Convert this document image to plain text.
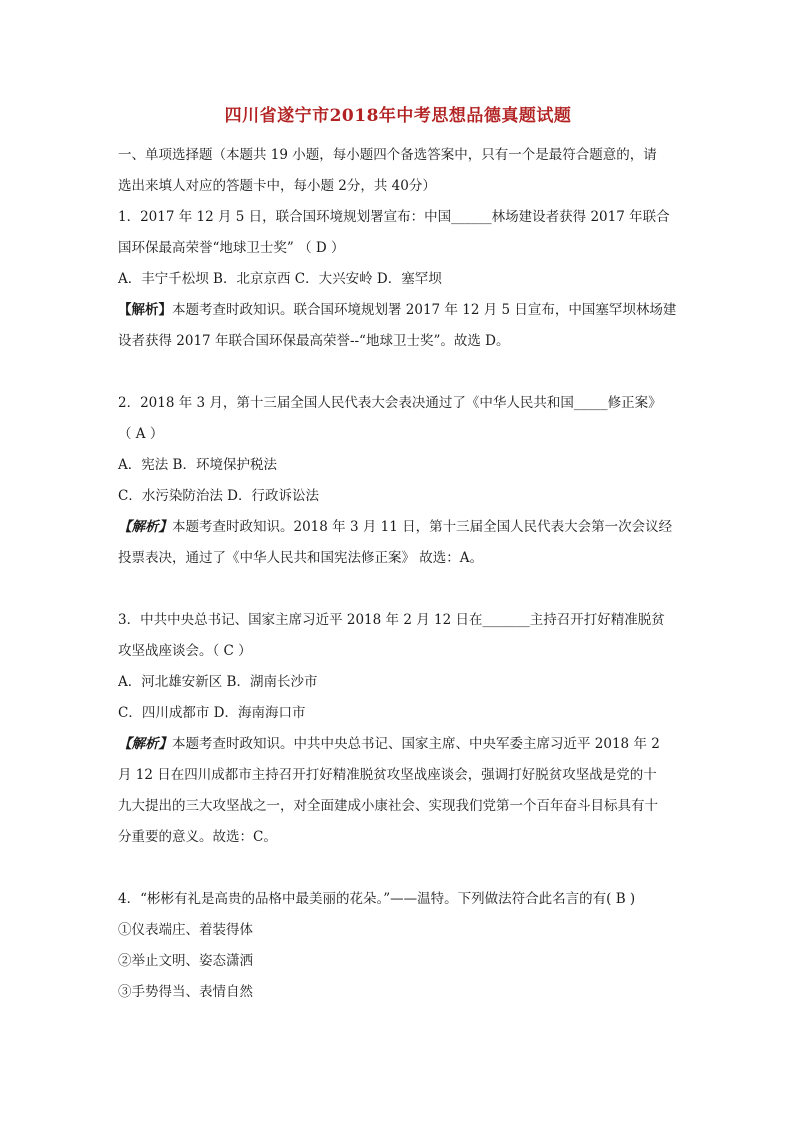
四川省遂宁市2018年中考思想品德真题试题

一、单项选择题（本题共 19 小题，每小题四个备选答案中，只有一个是最符合题意的，请

选出来填人对应的答题卡中，每小题 2分，共 40分）

1．2017 年 12 月 5 日，联合国环境规划署宣布：中国______林场建设者获得 2017 年联合

国环保最高荣誉“地球卫士奖” （ D ）

A．丰宁千松坝 B．北京京西 C．大兴安岭 D．塞罕坝

【解析】本题考查时政知识。联合国环境规划署 2017 年 12 月 5 日宣布，中国塞罕坝林场建

设者获得 2017 年联合国环保最高荣誉--“地球卫士奖”。故选 D。

2．2018 年 3 月，第十三届全国人民代表大会表决通过了《中华人民共和国_____修正案》

（ A ）

A．宪法 B．环境保护税法

C．水污染防治法 D．行政诉讼法

【解析】本题考查时政知识。2018 年 3 月 11 日，第十三届全国人民代表大会第一次会议经

投票表决，通过了《中华人民共和国宪法修正案》 故选：A。

3．中共中央总书记、国家主席习近平 2018 年 2 月 12 日在_______主持召开打好精准脱贫

攻坚战座谈会。（ C ）

A．河北雄安新区 B．湖南长沙市

C．四川成都市 D．海南海口市

【解析】本题考查时政知识。中共中央总书记、国家主席、中央军委主席习近平 2018 年 2

月 12 日在四川成都市主持召开打好精准脱贫攻坚战座谈会，强调打好脱贫攻坚战是党的十

九大提出的三大攻坚战之一，对全面建成小康社会、实现我们党第一个百年奋斗目标具有十

分重要的意义。故选：C。

4．“彬彬有礼是高贵的品格中最美丽的花朵。”——温特。下列做法符合此名言的有( B )

①仪表端庄、着装得体

②举止文明、姿态潇洒

③手势得当、表情自然
